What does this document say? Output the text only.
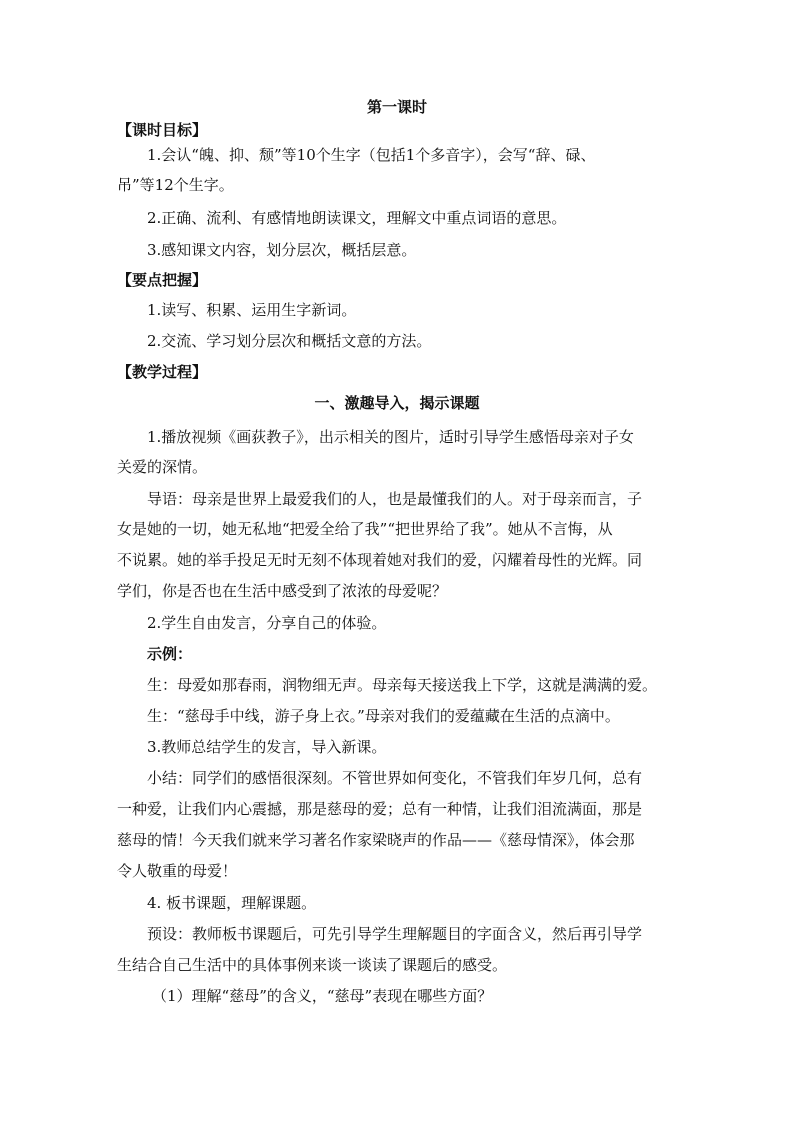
第一课时
【课时目标】
1.会认“魄、抑、颓”等10个生字（包括1个多音字），会写“辞、碌、
吊”等12个生字。
2.正确、流利、有感情地朗读课文，理解文中重点词语的意思。
3.感知课文内容，划分层次，概括层意。
【要点把握】
1.读写、积累、运用生字新词。
2.交流、学习划分层次和概括文意的方法。
【教学过程】
一、激趣导入，揭示课题
1.播放视频《画荻教子》，出示相关的图片，适时引导学生感悟母亲对子女
关爱的深情。
导语：母亲是世界上最爱我们的人，也是最懂我们的人。对于母亲而言，子
女是她的一切，她无私地“把爱全给了我”“把世界给了我”。她从不言悔，从
不说累。她的举手投足无时无刻不体现着她对我们的爱，闪耀着母性的光辉。同
学们，你是否也在生活中感受到了浓浓的母爱呢？
2.学生自由发言，分享自己的体验。
示例：
生：母爱如那春雨，润物细无声。母亲每天接送我上下学，这就是满满的爱。
生：“慈母手中线，游子身上衣。”母亲对我们的爱蕴藏在生活的点滴中。
3.教师总结学生的发言，导入新课。
小结：同学们的感悟很深刻。不管世界如何变化，不管我们年岁几何，总有
一种爱，让我们内心震撼，那是慈母的爱；总有一种情，让我们泪流满面，那是
慈母的情！今天我们就来学习著名作家梁晓声的作品——《慈母情深》，体会那
令人敬重的母爱！
4. 板书课题，理解课题。
预设：教师板书课题后，可先引导学生理解题目的字面含义，然后再引导学
生结合自己生活中的具体事例来谈一谈读了课题后的感受。
（1）理解“慈母”的含义，“慈母”表现在哪些方面？
